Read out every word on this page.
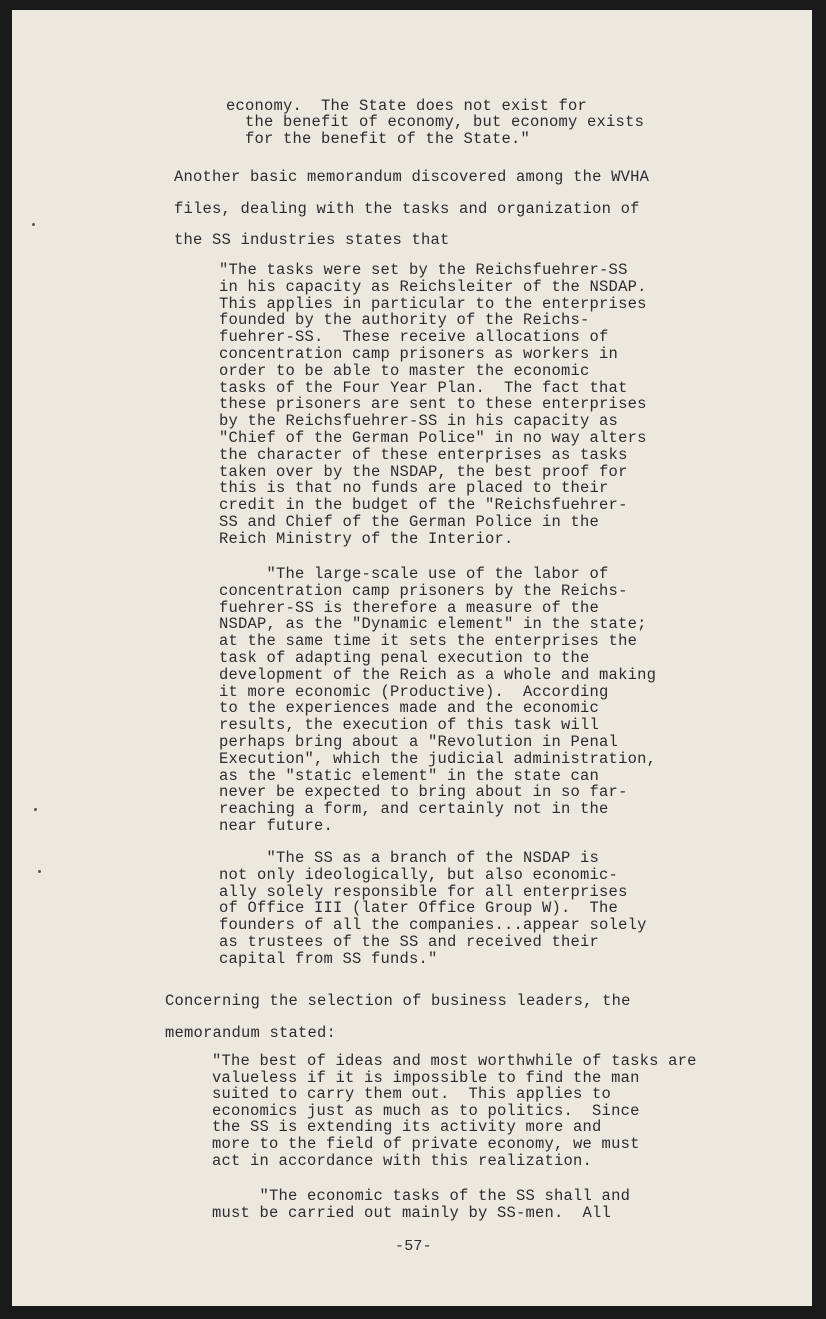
economy.  The State does not exist for
the benefit of economy, but economy exists
for the benefit of the State."

Another basic memorandum discovered among the WVHA
files, dealing with the tasks and organization of
the SS industries states that

"The tasks were set by the Reichsfuehrer-SS
in his capacity as Reichsleiter of the NSDAP.
This applies in particular to the enterprises
founded by the authority of the Reichs-
fuehrer-SS.  These receive allocations of
concentration camp prisoners as workers in
order to be able to master the economic
tasks of the Four Year Plan.  The fact that
these prisoners are sent to these enterprises
by the Reichsfuehrer-SS in his capacity as
"Chief of the German Police" in no way alters
the character of these enterprises as tasks
taken over by the NSDAP, the best proof for
this is that no funds are placed to their
credit in the budget of the "Reichsfuehrer-
SS and Chief of the German Police in the
Reich Ministry of the Interior.

"The large-scale use of the labor of
concentration camp prisoners by the Reichs-
fuehrer-SS is therefore a measure of the
NSDAP, as the "Dynamic element" in the state;
at the same time it sets the enterprises the
task of adapting penal execution to the
development of the Reich as a whole and making
it more economic (Productive).  According
to the experiences made and the economic
results, the execution of this task will
perhaps bring about a "Revolution in Penal
Execution", which the judicial administration,
as the "static element" in the state can
never be expected to bring about in so far-
reaching a form, and certainly not in the
near future.

"The SS as a branch of the NSDAP is
not only ideologically, but also economic-
ally solely responsible for all enterprises
of Office III (later Office Group W).  The
founders of all the companies...appear solely
as trustees of the SS and received their
capital from SS funds."

Concerning the selection of business leaders, the
memorandum stated:

"The best of ideas and most worthwhile of tasks are
valueless if it is impossible to find the man
suited to carry them out.  This applies to
economics just as much as to politics.  Since
the SS is extending its activity more and
more to the field of private economy, we must
act in accordance with this realization.

"The economic tasks of the SS shall and
must be carried out mainly by SS-men.  All

-57-
